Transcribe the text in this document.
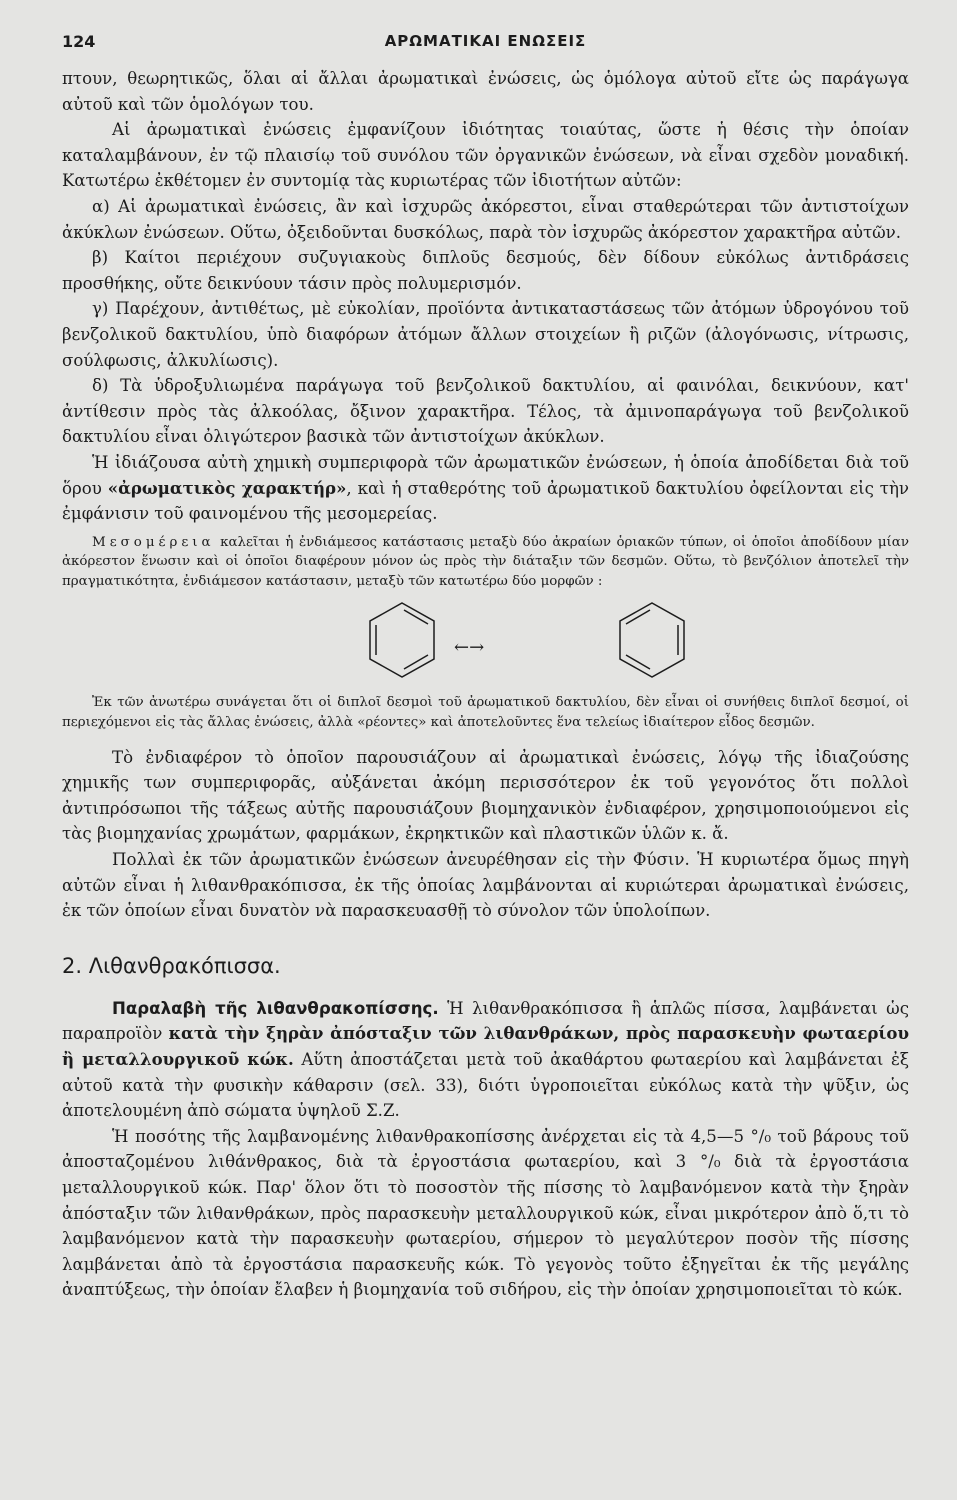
124	ΑΡΩΜΑΤΙΚΑΙ ΕΝΩΣΕΙΣ

πτουν, θεωρητικῶς, ὅλαι αἱ ἄλλαι ἀρωματικαὶ ἐνώσεις, ὡς ὁμόλογα αὐτοῦ εἴτε ὡς παράγωγα αὐτοῦ καὶ τῶν ὁμολόγων του.

Αἱ ἀρωματικαὶ ἐνώσεις ἐμφανίζουν ἰδιότητας τοιαύτας, ὥστε ἡ θέσις τὴν ὁποίαν καταλαμβάνουν, ἐν τῷ πλαισίῳ τοῦ συνόλου τῶν ὀργανικῶν ἐνώσεων, νὰ εἶναι σχεδὸν μοναδική. Κατωτέρω ἐκθέτομεν ἐν συντομίᾳ τὰς κυριωτέρας τῶν ἰδιοτήτων αὐτῶν:

α) Αἱ ἀρωματικαὶ ἐνώσεις, ἂν καὶ ἰσχυρῶς ἀκόρεστοι, εἶναι σταθερώτεραι τῶν ἀντιστοίχων ἀκύκλων ἐνώσεων. Οὕτω, ὀξειδοῦνται δυσκόλως, παρὰ τὸν ἰσχυρῶς ἀκόρεστον χαρακτῆρα αὐτῶν.

β) Καίτοι περιέχουν συζυγιακοὺς διπλοῦς δεσμούς, δὲν δίδουν εὐκόλως ἀντιδράσεις προσθήκης, οὔτε δεικνύουν τάσιν πρὸς πολυμερισμόν.

γ) Παρέχουν, ἀντιθέτως, μὲ εὐκολίαν, προϊόντα ἀντικαταστάσεως τῶν ἀτόμων ὑδρογόνου τοῦ βενζολικοῦ δακτυλίου, ὑπὸ διαφόρων ἀτόμων ἄλλων στοιχείων ἢ ριζῶν (ἀλογόνωσις, νίτρωσις, σούλφωσις, ἀλκυλίωσις).

δ) Τὰ ὑδροξυλιωμένα παράγωγα τοῦ βενζολικοῦ δακτυλίου, αἱ φαινόλαι, δεικνύουν, κατ' ἀντίθεσιν πρὸς τὰς ἀλκοόλας, ὄξινον χαρακτῆρα. Τέλος, τὰ ἀμινοπαράγωγα τοῦ βενζολικοῦ δακτυλίου εἶναι ὀλιγώτερον βασικὰ τῶν ἀντιστοίχων ἀκύκλων.

Ἡ ἰδιάζουσα αὐτὴ χημικὴ συμπεριφορὰ τῶν ἀρωματικῶν ἐνώσεων, ἡ ὁποία ἀποδίδεται διὰ τοῦ ὅρου «ἀρωματικὸς χαρακτήρ», καὶ ἡ σταθερότης τοῦ ἀρωματικοῦ δακτυλίου ὀφείλονται εἰς τὴν ἐμφάνισιν τοῦ φαινομένου τῆς μεσομερείας.

Μεσομέρεια καλεῖται ἡ ἐνδιάμεσος κατάστασις μεταξὺ δύο ἀκραίων ὁριακῶν τύπων, οἱ ὁποῖοι ἀποδίδουν μίαν ἀκόρεστον ἕνωσιν καὶ οἱ ὁποῖοι διαφέρουν μόνον ὡς πρὸς τὴν διάταξιν τῶν δεσμῶν. Οὕτω, τὸ βενζόλιον ἀποτελεῖ τὴν πραγματικότητα, ἐνδιάμεσον κατάστασιν, μεταξὺ τῶν κατωτέρω δύο μορφῶν :

←→

Ἐκ τῶν ἀνωτέρω συνάγεται ὅτι οἱ διπλοῖ δεσμοὶ τοῦ ἀρωματικοῦ δακτυλίου, δὲν εἶναι οἱ συνήθεις διπλοῖ δεσμοί, οἱ περιεχόμενοι εἰς τὰς ἄλλας ἐνώσεις, ἀλλὰ «ρέοντες» καὶ ἀποτελοῦντες ἕνα τελείως ἰδιαίτερον εἶδος δεσμῶν.

Τὸ ἐνδιαφέρον τὸ ὁποῖον παρουσιάζουν αἱ ἀρωματικαὶ ἐνώσεις, λόγῳ τῆς ἰδιαζούσης χημικῆς των συμπεριφορᾶς, αὐξάνεται ἀκόμη περισσότερον ἐκ τοῦ γεγονότος ὅτι πολλοὶ ἀντιπρόσωποι τῆς τάξεως αὐτῆς παρουσιάζουν βιομηχανικὸν ἐνδιαφέρον, χρησιμοποιούμενοι εἰς τὰς βιομηχανίας χρωμάτων, φαρμάκων, ἐκρηκτικῶν καὶ πλαστικῶν ὑλῶν κ. ἄ.

Πολλαὶ ἐκ τῶν ἀρωματικῶν ἐνώσεων ἀνευρέθησαν εἰς τὴν Φύσιν. Ἡ κυριωτέρα ὅμως πηγὴ αὐτῶν εἶναι ἡ λιθανθρακόπισσα, ἐκ τῆς ὁποίας λαμβάνονται αἱ κυριώτεραι ἀρωματικαὶ ἐνώσεις, ἐκ τῶν ὁποίων εἶναι δυνατὸν νὰ παρασκευασθῇ τὸ σύνολον τῶν ὑπολοίπων.

2. Λιθανθρακόπισσα.

Παραλαβὴ τῆς λιθανθρακοπίσσης. Ἡ λιθανθρακόπισσα ἢ ἁπλῶς πίσσα, λαμβάνεται ὡς παραπροϊὸν κατὰ τὴν ξηρὰν ἀπόσταξιν τῶν λιθανθράκων, πρὸς παρασκευὴν φωταερίου ἢ μεταλλουργικοῦ κώκ. Αὕτη ἀποστάζεται μετὰ τοῦ ἀκαθάρτου φωταερίου καὶ λαμβάνεται ἐξ αὐτοῦ κατὰ τὴν φυσικὴν κάθαρσιν (σελ. 33), διότι ὑγροποιεῖται εὐκόλως κατὰ τὴν ψῦξιν, ὡς ἀποτελουμένη ἀπὸ σώματα ὑψηλοῦ Σ.Ζ.

Ἡ ποσότης τῆς λαμβανομένης λιθανθρακοπίσσης ἀνέρχεται εἰς τὰ 4,5—5 °/₀ τοῦ βάρους τοῦ ἀποσταζομένου λιθάνθρακος, διὰ τὰ ἐργοστάσια φωταερίου, καὶ 3 °/₀ διὰ τὰ ἐργοστάσια μεταλλουργικοῦ κώκ. Παρ' ὅλον ὅτι τὸ ποσοστὸν τῆς πίσσης τὸ λαμβανόμενον κατὰ τὴν ξηρὰν ἀπόσταξιν τῶν λιθανθράκων, πρὸς παρασκευὴν μεταλλουργικοῦ κώκ, εἶναι μικρότερον ἀπὸ ὅ,τι τὸ λαμβανόμενον κατὰ τὴν παρασκευὴν φωταερίου, σήμερον τὸ μεγαλύτερον ποσὸν τῆς πίσσης λαμβάνεται ἀπὸ τὰ ἐργοστάσια παρασκευῆς κώκ. Τὸ γεγονὸς τοῦτο ἐξηγεῖται ἐκ τῆς μεγάλης ἀναπτύξεως, τὴν ὁποίαν ἔλαβεν ἡ βιομηχανία τοῦ σιδήρου, εἰς τὴν ὁποίαν χρησιμοποιεῖται τὸ κώκ.
